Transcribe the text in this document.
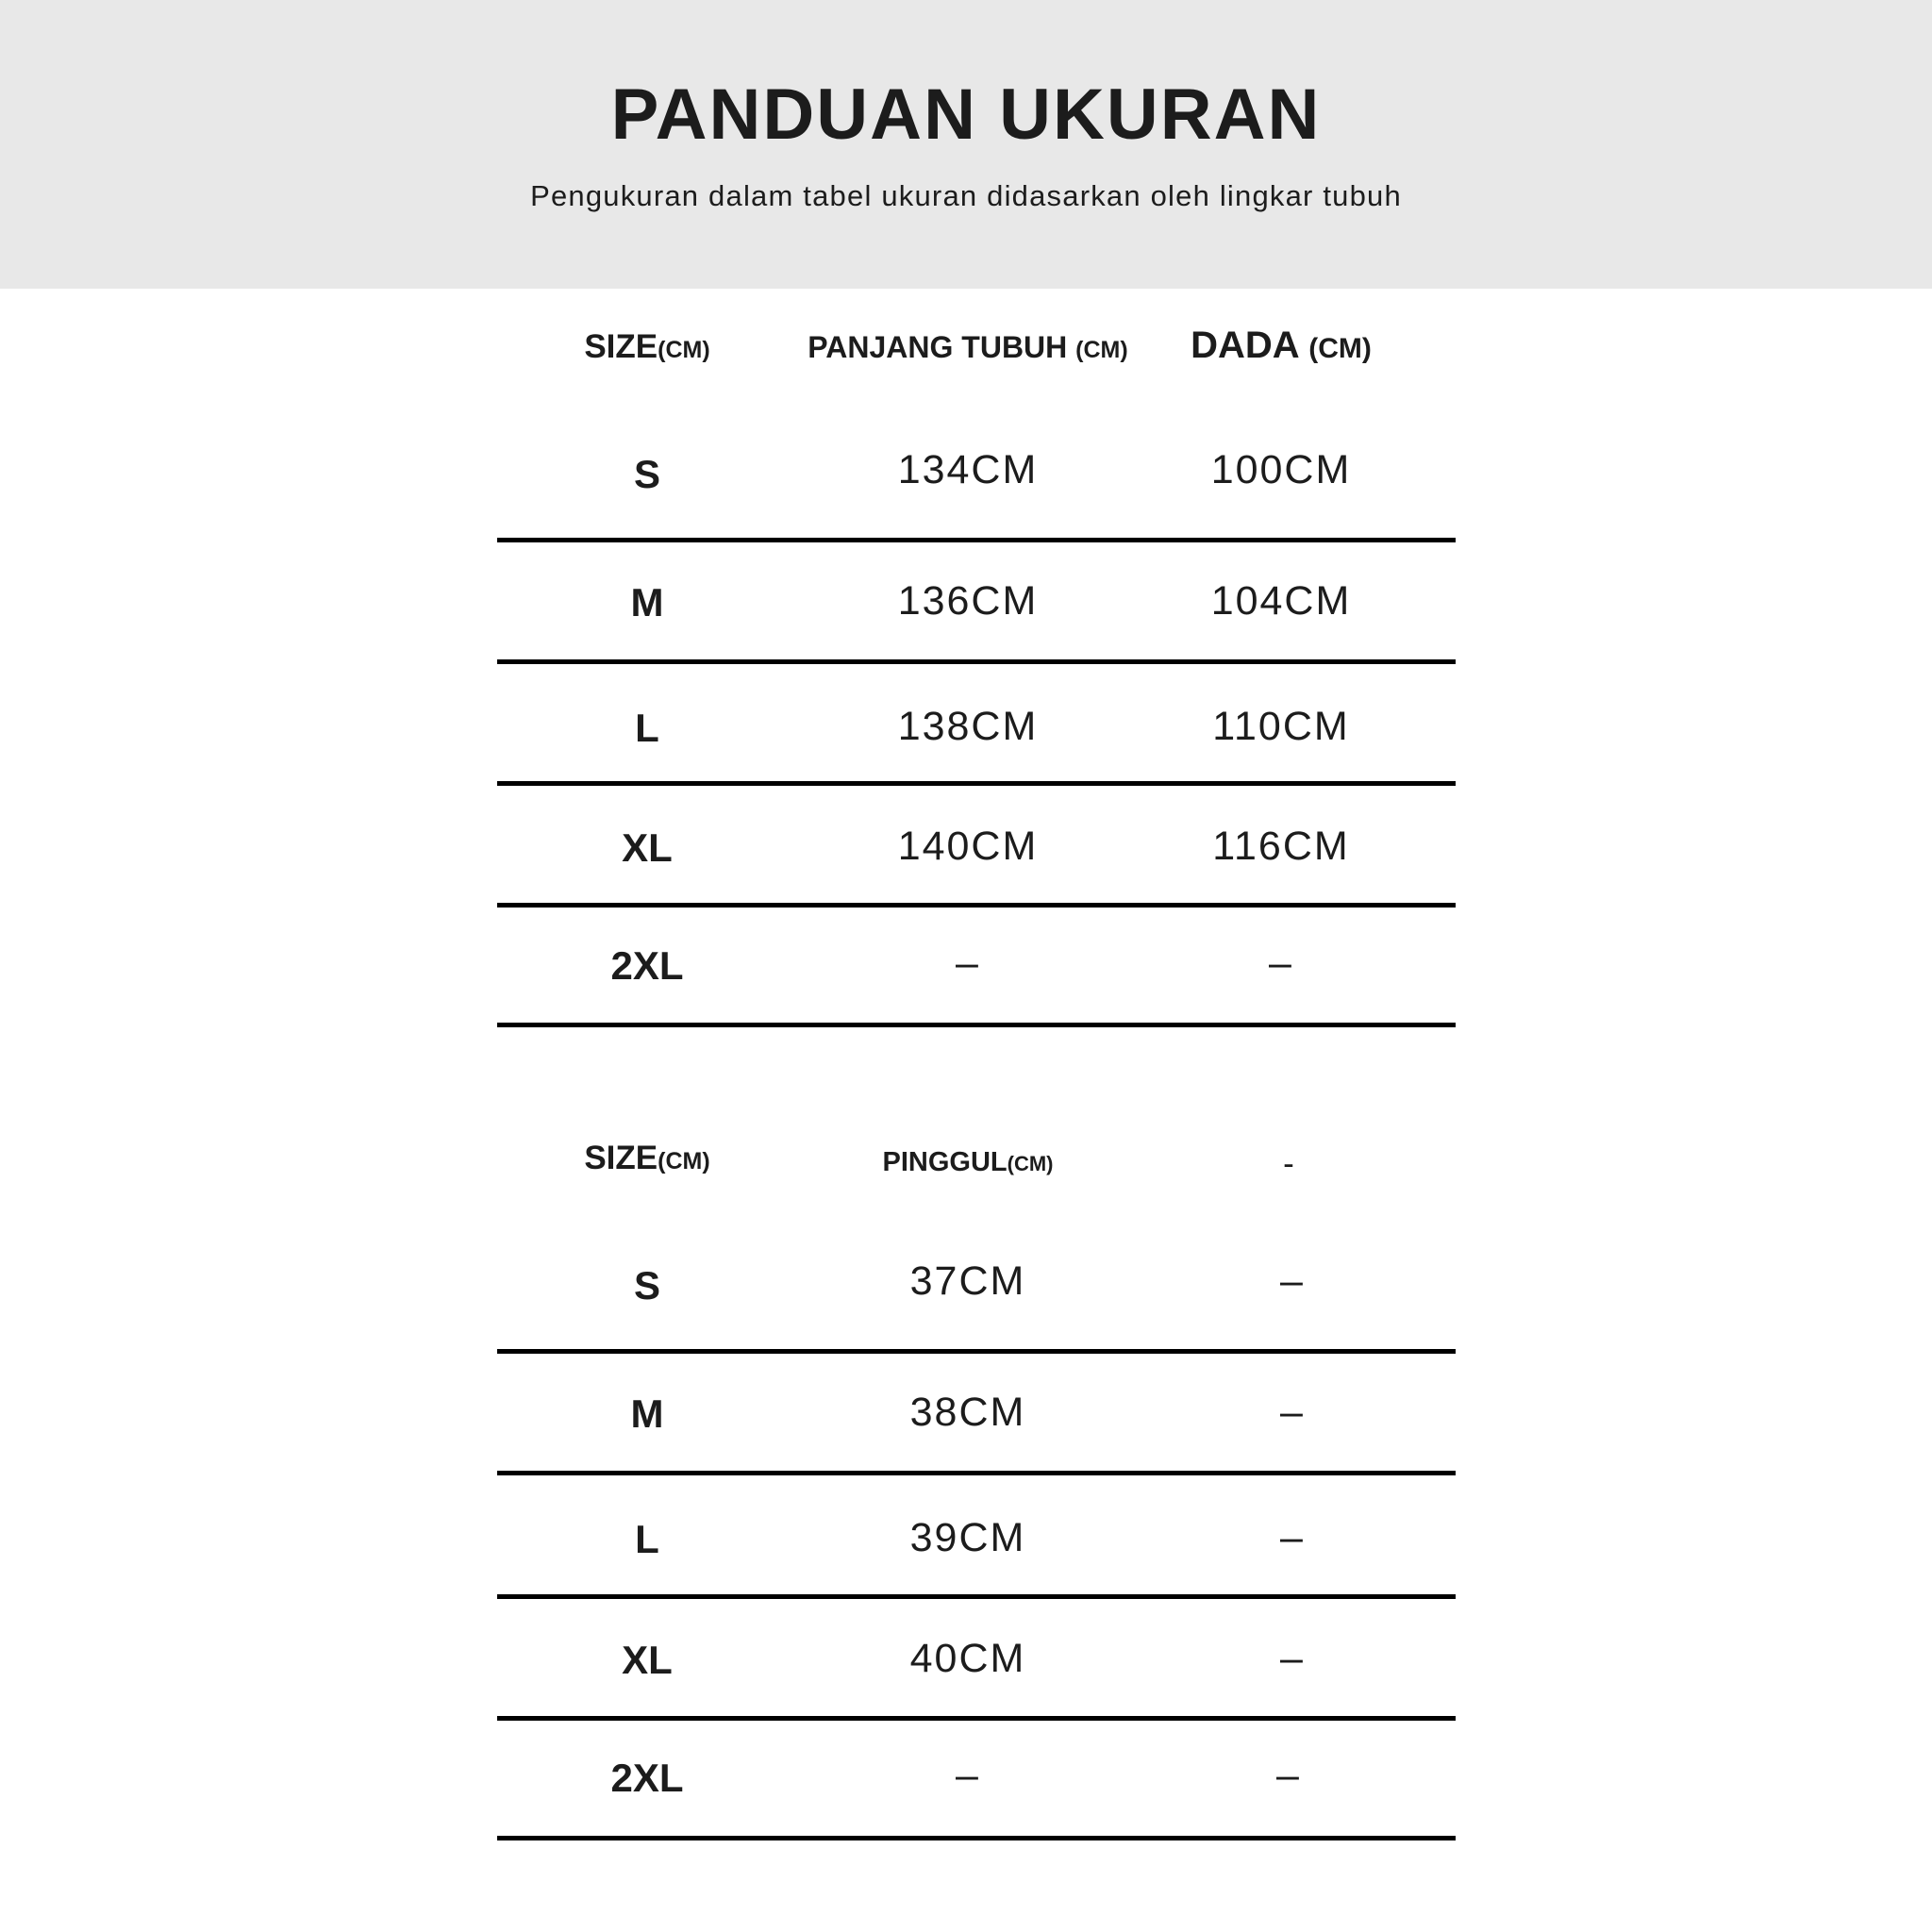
PANDUAN UKURAN
Pengukuran dalam tabel ukuran didasarkan oleh lingkar tubuh
SIZE(CM)	PANJANG TUBUH (CM)	DADA (CM)
S	134CM	100CM
M	136CM	104CM
L	138CM	110CM
XL	140CM	116CM
2XL	–	–
SIZE(CM)	PINGGUL(CM)	-
S	37CM	–
M	38CM	–
L	39CM	–
XL	40CM	–
2XL	–	–
